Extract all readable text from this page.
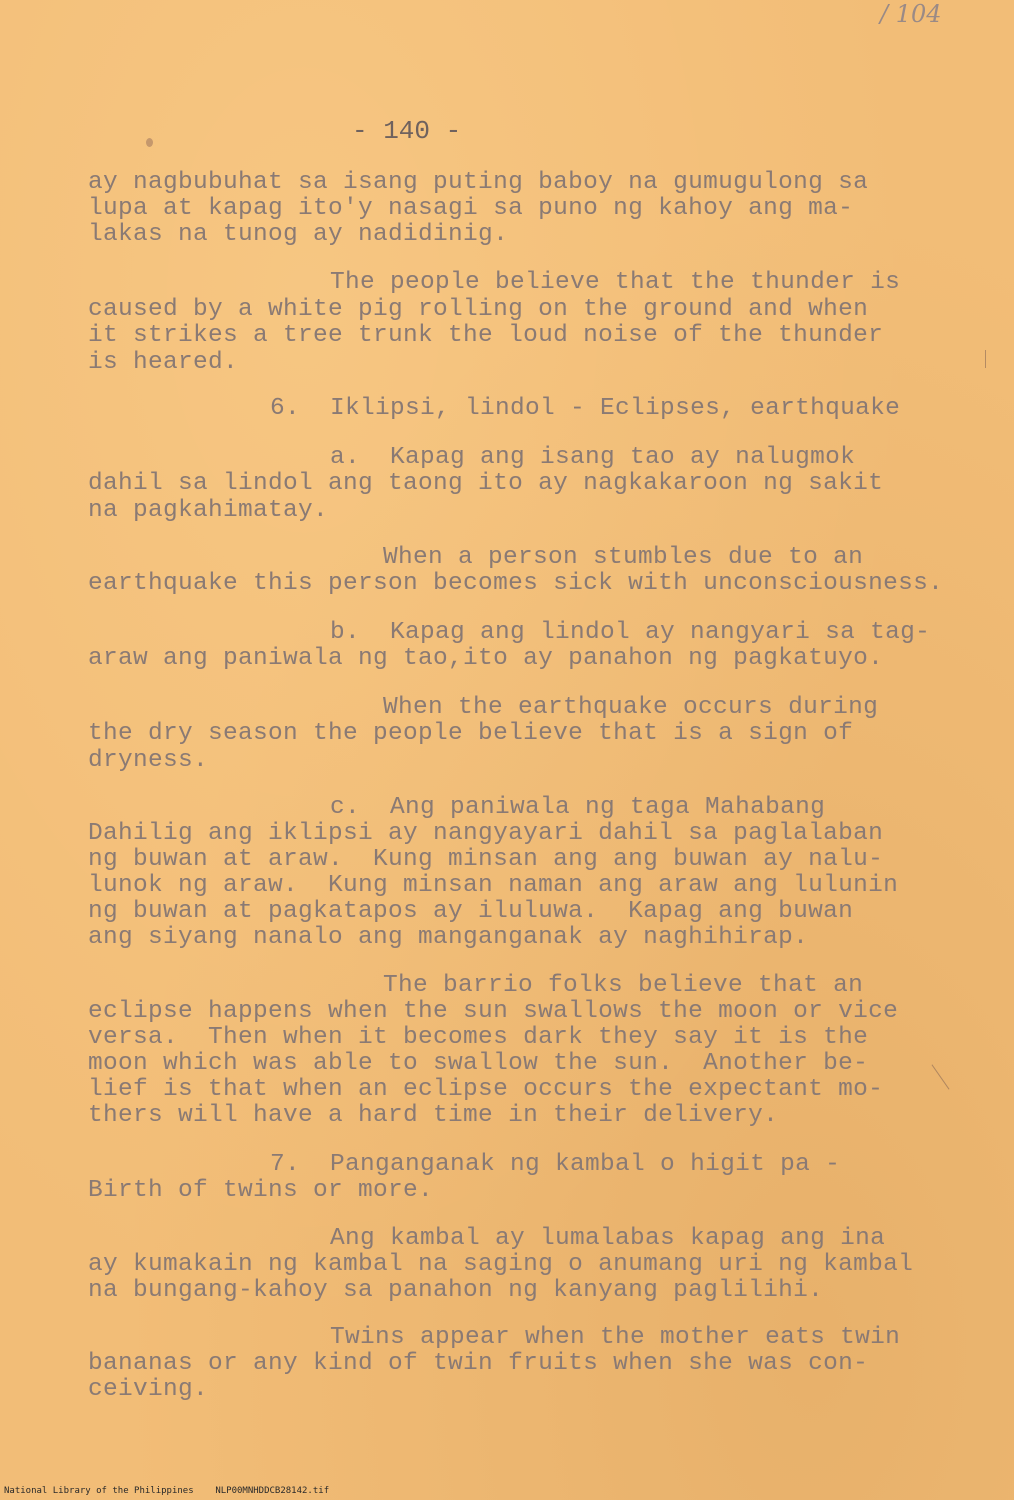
/ 104
- 140 -
ay nagbubuhat sa isang puting baboy na gumugulong sa
lupa at kapag ito'y nasagi sa puno ng kahoy ang ma-
lakas na tunog ay nadidinig.
The people believe that the thunder is
caused by a white pig rolling on the ground and when
it strikes a tree trunk the loud noise of the thunder
is heared.
6.  Iklipsi, lindol - Eclipses, earthquake
a.  Kapag ang isang tao ay nalugmok
dahil sa lindol ang taong ito ay nagkakaroon ng sakit
na pagkahimatay.
When a person stumbles due to an
earthquake this person becomes sick with unconsciousness.
b.  Kapag ang lindol ay nangyari sa tag-
araw ang paniwala ng tao,ito ay panahon ng pagkatuyo.
When the earthquake occurs during
the dry season the people believe that is a sign of
dryness.
c.  Ang paniwala ng taga Mahabang
Dahilig ang iklipsi ay nangyayari dahil sa paglalaban
ng buwan at araw.  Kung minsan ang ang buwan ay nalu-
lunok ng araw.  Kung minsan naman ang araw ang lulunin
ng buwan at pagkatapos ay iluluwa.  Kapag ang buwan
ang siyang nanalo ang manganganak ay naghihirap.
The barrio folks believe that an
eclipse happens when the sun swallows the moon or vice
versa.  Then when it becomes dark they say it is the
moon which was able to swallow the sun.  Another be-
lief is that when an eclipse occurs the expectant mo-
thers will have a hard time in their delivery.
7.  Panganganak ng kambal o higit pa -
Birth of twins or more.
Ang kambal ay lumalabas kapag ang ina
ay kumakain ng kambal na saging o anumang uri ng kambal
na bungang-kahoy sa panahon ng kanyang paglilihi.
Twins appear when the mother eats twin
bananas or any kind of twin fruits when she was con-
ceiving.
National Library of the Philippines    NLP00MNHDDCB28142.tif
